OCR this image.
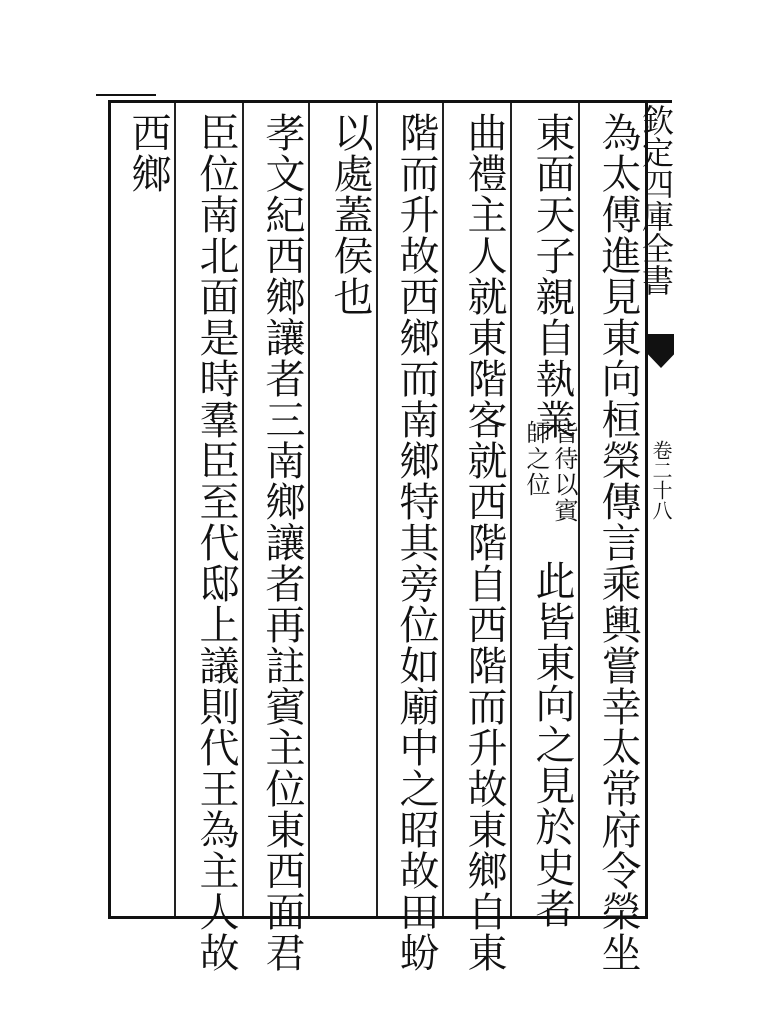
欽定四庫全書
卷二十八
為太傅進見東向桓榮傳言乘輿嘗幸太常府令榮坐
東面天子親自執業
皆待以賓
師之位
此皆東向之見於史者
曲禮主人就東階客就西階自西階而升故東鄉自東
階而升故西鄉而南鄉特其旁位如廟中之昭故田蚡
以處蓋侯也
孝文紀西鄉讓者三南鄉讓者再註賓主位東西面君
臣位南北面是時羣臣至代邸上議則代王為主人故
西鄉
